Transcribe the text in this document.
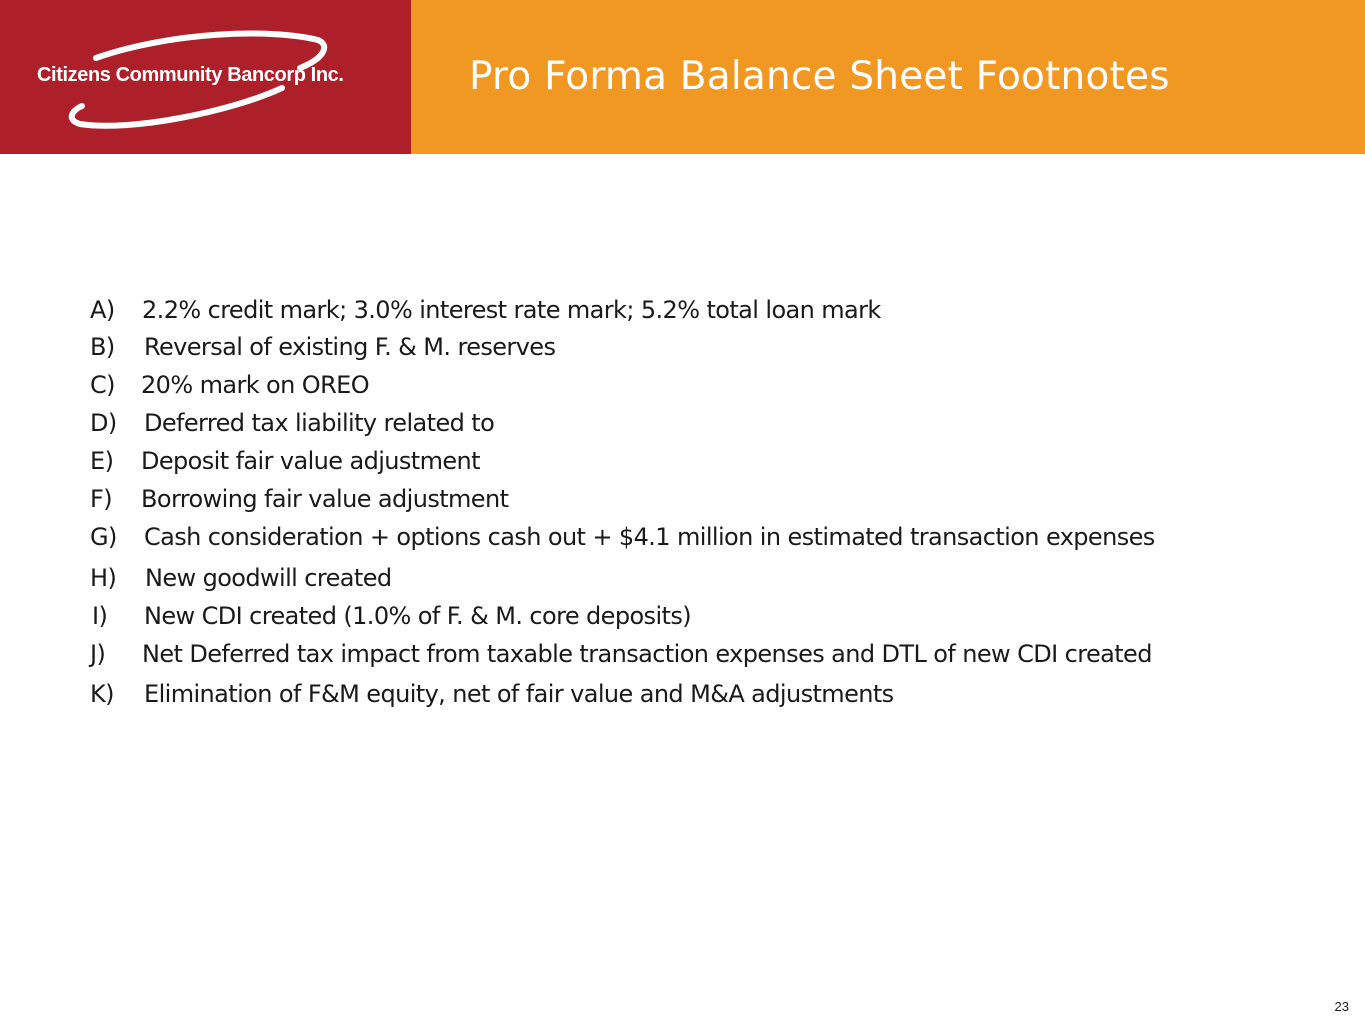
Citizens Community Bancorp Inc.	Pro Forma Balance Sheet Footnotes
A) 2.2% credit mark; 3.0% interest rate mark; 5.2% total loan mark
B) Reversal of existing F. & M. reserves
C) 20% mark on OREO
D) Deferred tax liability related to
E) Deposit fair value adjustment
F) Borrowing fair value adjustment
G) Cash consideration + options cash out + $4.1 million in estimated transaction expenses
H) New goodwill created
I) New CDI created (1.0% of F. & M. core deposits)
J) Net Deferred tax impact from taxable transaction expenses and DTL of new CDI created
K) Elimination of F&M equity, net of fair value and M&A adjustments
23
